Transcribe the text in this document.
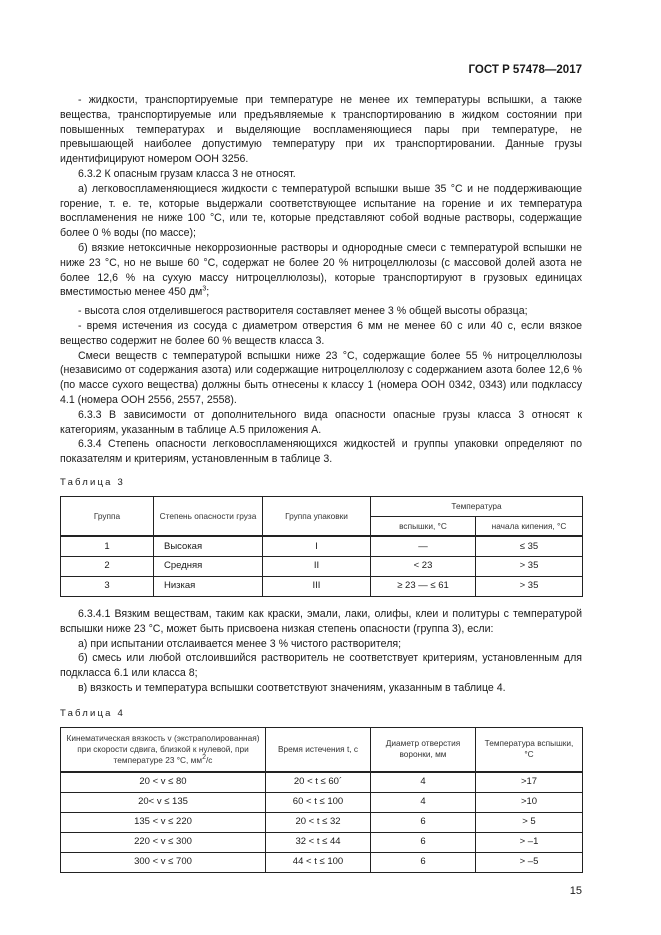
ГОСТ Р 57478—2017

- жидкости, транспортируемые при температуре не менее их температуры вспышки, а также вещества, транспортируемые или предъявляемые к транспортированию в жидком состоянии при повышенных температурах и выделяющие воспламеняющиеся пары при температуре, не превышающей наиболее допустимую температуру при их транспортировании. Данные грузы идентифицируют номером ООН 3256.

6.3.2 К опасным грузам класса 3 не относят.

а) легковоспламеняющиеся жидкости с температурой вспышки выше 35 °С и не поддерживающие горение, т. е. те, которые выдержали соответствующее испытание на горение и их температура воспламенения не ниже 100 °С, или те, которые представляют собой водные растворы, содержащие более 0 % воды (по массе);

б) вязкие нетоксичные некоррозионные растворы и однородные смеси с температурой вспышки не ниже 23 °С, но не выше 60 °С, содержат не более 20 % нитроцеллюлозы (с массовой долей азота не более 12,6 % на сухую массу нитроцеллюлозы), которые транспортируют в грузовых единицах вместимостью менее 450 $дм^3$;

- высота слоя отделившегося растворителя составляет менее 3 % общей высоты образца;

- время истечения из сосуда с диаметром отверстия 6 мм не менее 60 с или 40 с, если вязкое вещество содержит не более 60 % веществ класса 3.

Смеси веществ с температурой вспышки ниже 23 °С, содержащие более 55 % нитроцеллюлозы (независимо от содержания азота) или содержащие нитроцеллюлозу с содержанием азота более 12,6 % (по массе сухого вещества) должны быть отнесены к классу 1 (номера ООН 0342, 0343) или подклассу 4.1 (номера ООН 2556, 2557, 2558).

6.3.3 В зависимости от дополнительного вида опасности опасные грузы класса 3 относят к категориям, указанным в таблице А.5 приложения А.

6.3.4 Степень опасности легковоспламеняющихся жидкостей и группы упаковки определяют по показателям и критериям, установленным в таблице 3.

Таблица 3
Группа	Степень опасности груза	Группа упаковки	Температура	
			вспышки, °С	начала кипения, °С
1	Высокая	I	—	≤ 35
2	Средняя	II	< 23	> 35
3	Низкая	III	≥ 23 — ≤ 61	> 35

6.3.4.1 Вязким веществам, таким как краски, эмали, лаки, олифы, клеи и политуры с температурой вспышки ниже 23 °С, может быть присвоена низкая степень опасности (группа 3), если:

а) при испытании отслаивается менее 3 % чистого растворителя;

б) смесь или любой отслоившийся растворитель не соответствует критериям, установленным для подкласса 6.1 или класса 8;

в) вязкость и температура вспышки соответствуют значениям, указанным в таблице 4.

Таблица 4
Кинематическая вязкость v (экстраполированная) при скорости сдвига, близкой к нулевой, при температуре 23 °С, $мм^2/с$	Время истечения t, с	Диаметр отверстия воронки, мм	Температура вспышки, °С
20 < v ≤ 80	20 < t ≤ 60´	4	>17
20< v ≤ 135	60 < t ≤ 100	4	>10
135 < v ≤ 220	20 < t ≤ 32	6	> 5
220 < v ≤ 300	32 < t ≤ 44	6	> –1
300 < v ≤ 700	44 < t ≤ 100	6	> –5
15
